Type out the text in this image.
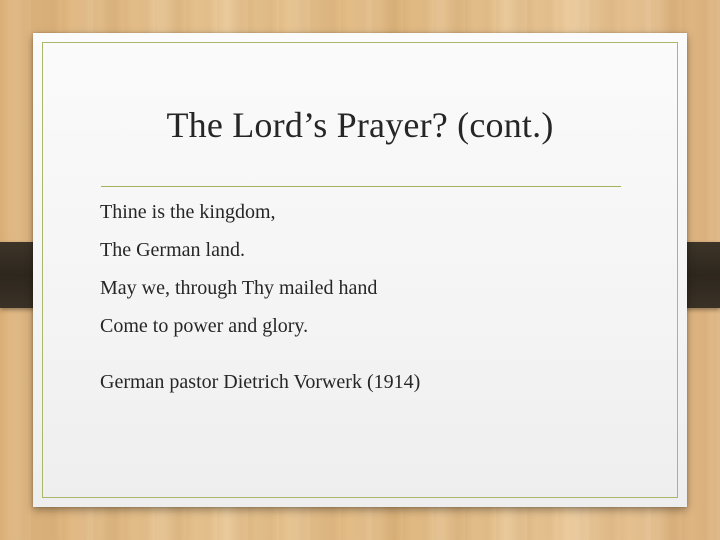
The Lord’s Prayer? (cont.)
Thine is the kingdom,
The German land.
May we, through Thy mailed hand
Come to power and glory.
German pastor Dietrich Vorwerk (1914)
